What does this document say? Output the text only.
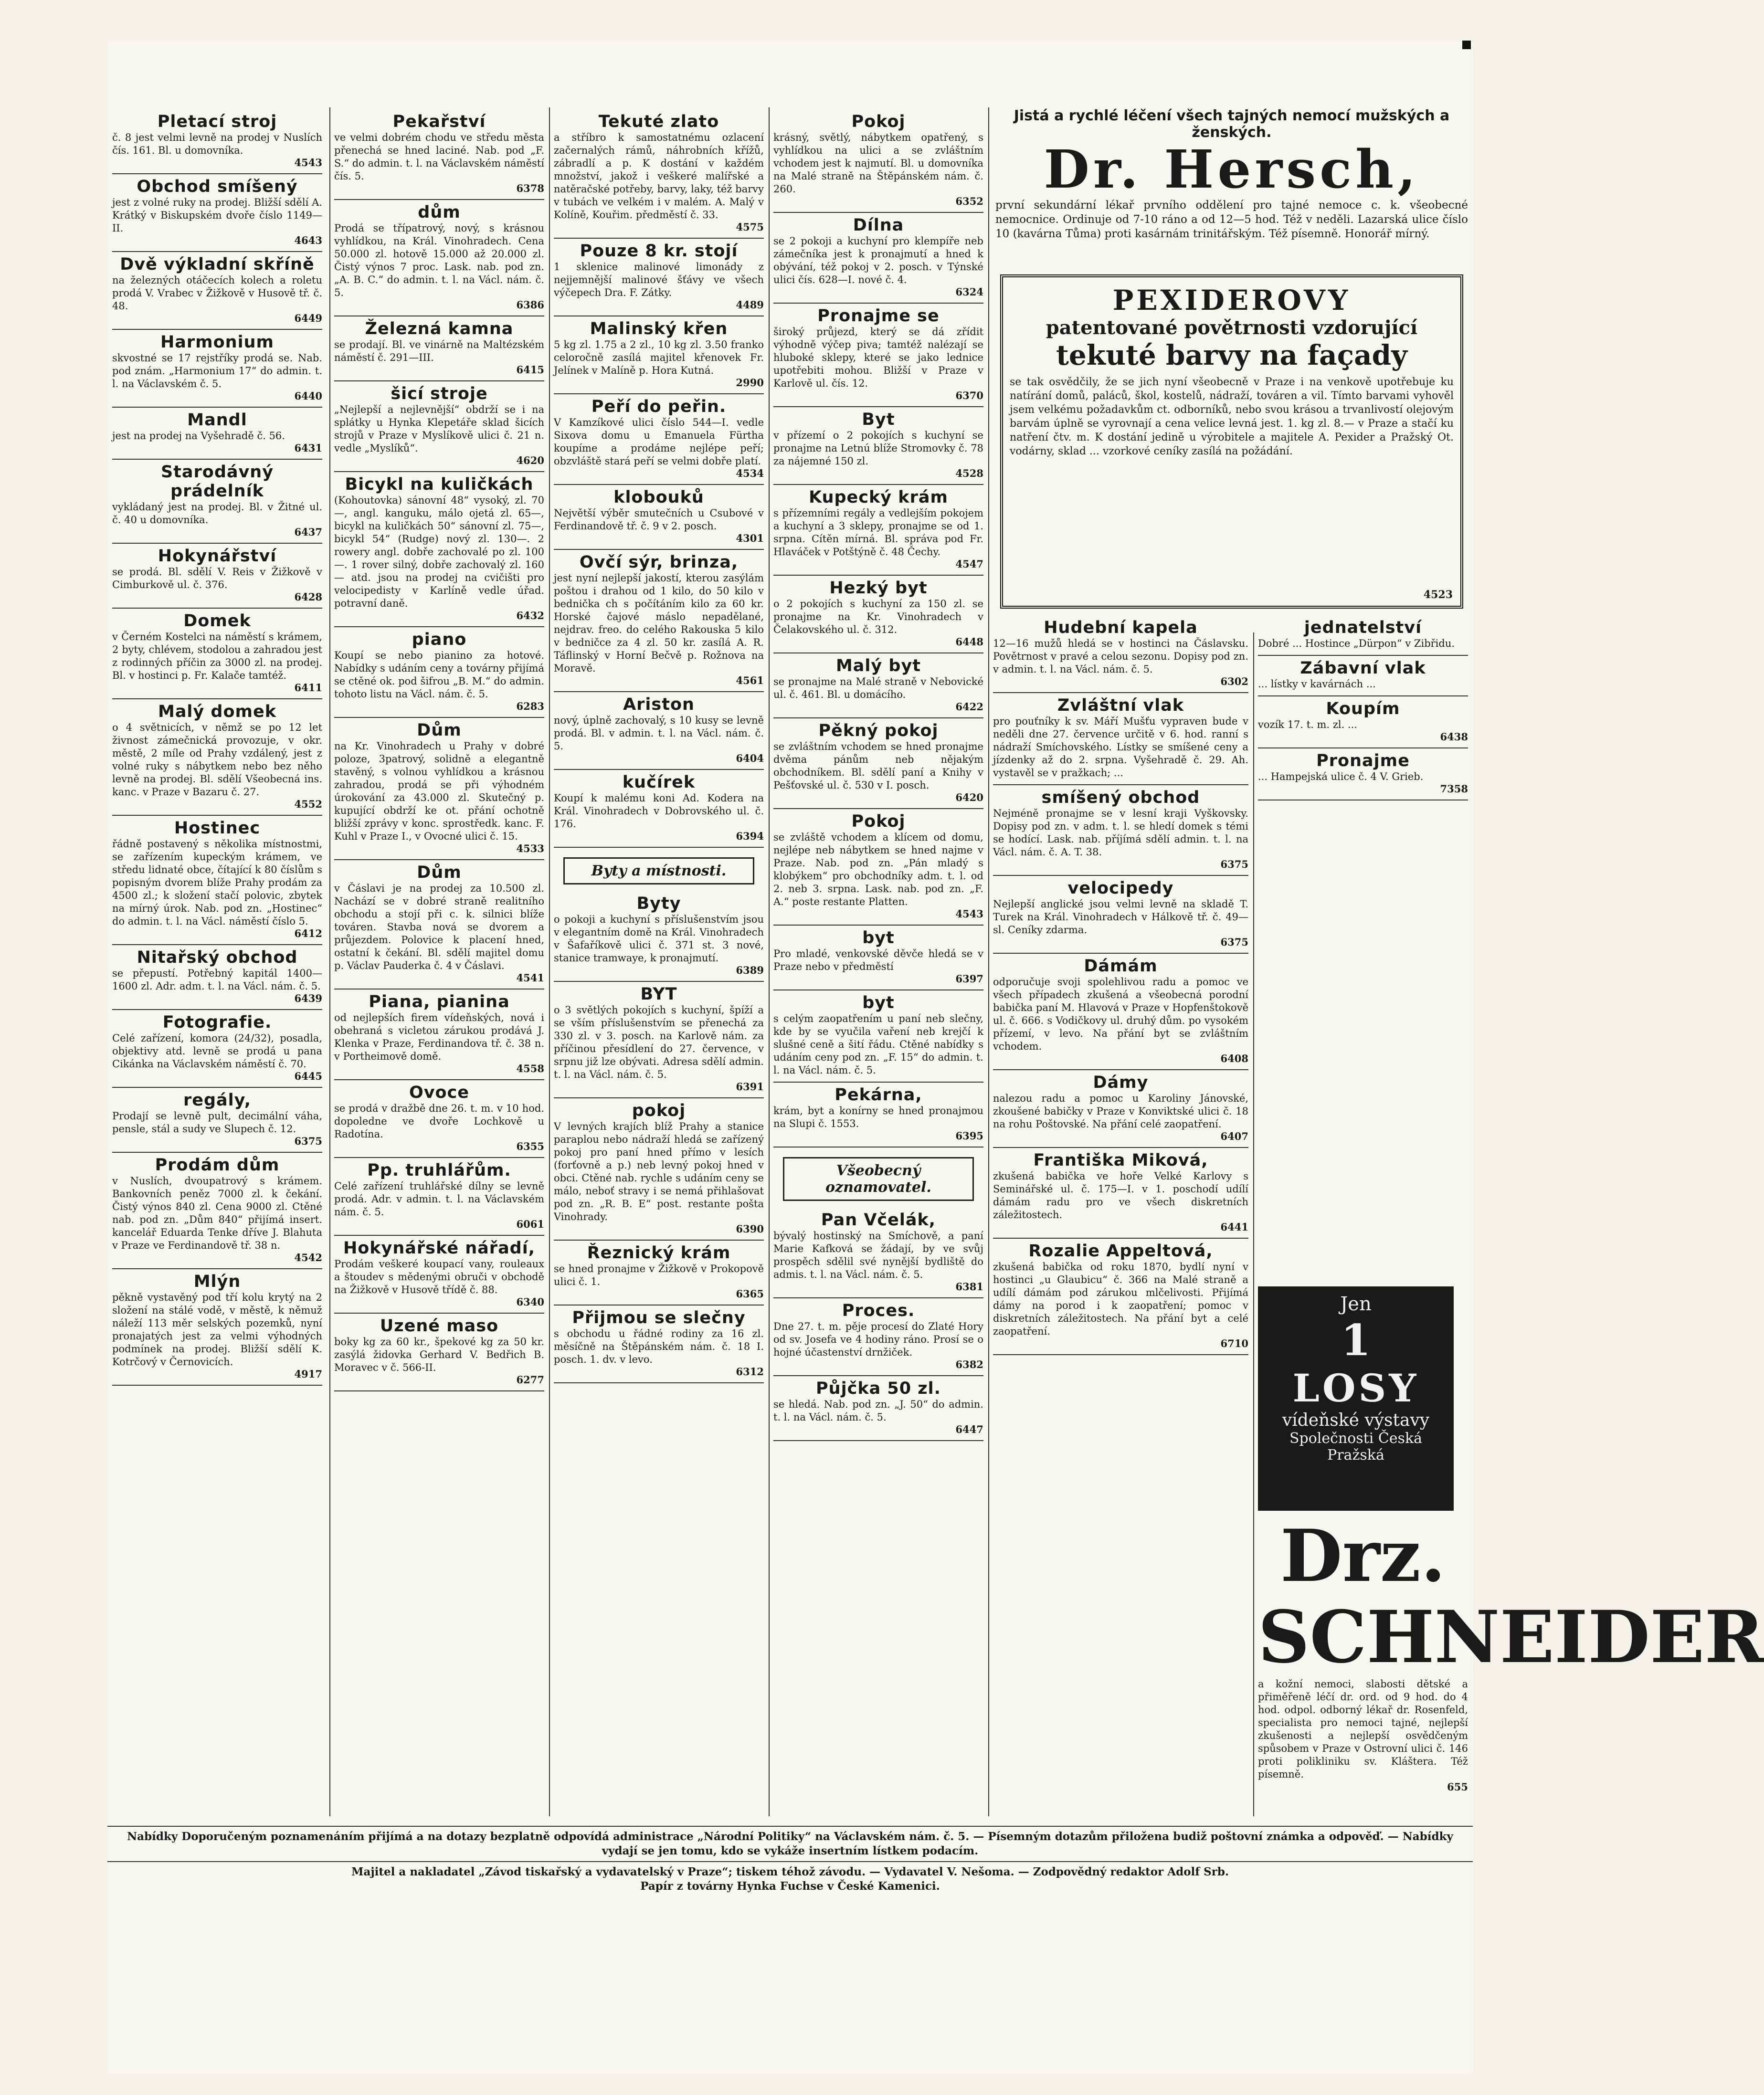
Pletací stroj

č. 8 jest velmi levně na prodej v Nuslích čís. 161. Bl. u domovníka.

4543
Obchod smíšený

jest z volné ruky na prodej. Bližší sdělí A. Krátký v Biskupském dvoře číslo 1149—II.

4643
Dvě výkladní skříně

na železných otáčecích kolech a roletu prodá V. Vrabec v Žižkově v Husově tř. č. 48.

6449
Harmonium

skvostné se 17 rejstříky prodá se. Nab. pod znám. „Harmonium 17“ do admin. t. l. na Václavském č. 5.

6440
Mandl

jest na prodej na Vyšehradě č. 56.

6431
Starodávný prádelník

vykládaný jest na prodej. Bl. v Žitné ul. č. 40 u domovníka.

6437
Hokynářství

se prodá. Bl. sdělí V. Reis v Žižkově v Cimburkově ul. č. 376.

6428
Domek

v Černém Kostelci na náměstí s krámem, 2 byty, chlévem, stodolou a zahradou jest z rodinných příčin za 3000 zl. na prodej. Bl. v hostinci p. Fr. Kalače tamtéž.

6411
Malý domek

o 4 světnicích, v němž se po 12 let živnost zámečnická provozuje, v okr. městě, 2 míle od Prahy vzdálený, jest z volné ruky s nábytkem nebo bez něho levně na prodej. Bl. sdělí Všeobecná ins. kanc. v Praze v Bazaru č. 27.

4552
Hostinec

řádně postavený s několika místnostmi, se zařízením kupeckým krámem, ve středu lidnaté obce, čítající k 80 číslům s popisným dvorem blíže Prahy prodám za 4500 zl.; k složení stačí polovic, zbytek na mírný úrok. Nab. pod zn. „Hostinec“ do admin. t. l. na Václ. náměstí číslo 5.

6412
Nitařský obchod

se přepustí. Potřebný kapitál 1400—1600 zl. Adr. adm. t. l. na Václ. nám. č. 5.

6439
Fotografie.

Celé zařízení, komora (24/32), posadla, objektivy atd. levně se prodá u pana Cikánka na Václavském náměstí č. 70.

6445
regály,

Prodají se levně pult, decimální váha, pensle, stál a sudy ve Slupech č. 12.

6375
Prodám dům

v Nuslích, dvoupatrový s krámem. Bankovních peněz 7000 zl. k čekání. Čistý výnos 840 zl. Cena 9000 zl. Ctěné nab. pod zn. „Dům 840“ přijímá insert. kancelář Eduarda Tenke dříve J. Blahuta v Praze ve Ferdinandově tř. 38 n.

4542
Mlýn

pěkně vystavěný pod tří kolu krytý na 2 složení na stálé vodě, v městě, k němuž náleží 113 měr selských pozemků, nyní pronajatých jest za velmi výhodných podmínek na prodej. Bližší sdělí K. Kotrčový v Černovicích.

4917
Pekařství

ve velmi dobrém chodu ve středu města přenechá se hned laciné. Nab. pod „F. S.“ do admin. t. l. na Václavském náměstí čís. 5.

6378
dům

Prodá se třípatrový, nový, s krásnou vyhlídkou, na Král. Vinohradech. Cena 50.000 zl. hotově 15.000 až 20.000 zl. Čistý výnos 7 proc. Lask. nab. pod zn. „A. B. C.“ do admin. t. l. na Václ. nám. č. 5.

6386
Železná kamna

se prodají. Bl. ve vinárně na Maltézském náměstí č. 291—III.

6415
šicí stroje

„Nejlepší a nejlevnější“ obdrží se i na splátky u Hynka Klepetáře sklad šicích strojů v Praze v Myslíkově ulici č. 21 n. vedle „Myslíků“.

4620
Bicykl na kuličkách

(Kohoutovka) sánovní 48“ vysoký, zl. 70—, angl. kanguku, málo ojetá zl. 65—, bicykl na kuličkách 50“ sánovní zl. 75—, bicykl 54“ (Rudge) nový zl. 130—. 2 rowery angl. dobře zachovalé po zl. 100—. 1 rover silný, dobře zachovalý zl. 160— atd. jsou na prodej na cvičišti pro velocipedisty v Karlíně vedle úřad. potravní daně.

6432
piano

Koupí se nebo pianino za hotové. Nabídky s udáním ceny a továrny přijímá se ctěné ok. pod šifrou „B. M.“ do admin. tohoto listu na Václ. nám. č. 5.

6283
Dům

na Kr. Vinohradech u Prahy v dobré poloze, 3patrový, solidně a elegantně stavěný, s volnou vyhlídkou a krásnou zahradou, prodá se při výhodném úrokování za 43.000 zl. Skutečný p. kupující obdrží ke ot. přání ochotně bližší zprávy v konc. sprostředk. kanc. F. Kuhl v Praze I., v Ovocné ulici č. 15.

4533
Dům

v Čáslavi je na prodej za 10.500 zl. Nachází se v dobré straně realitního obchodu a stojí při c. k. silnici blíže továren. Stavba nová se dvorem a průjezdem. Polovice k placení hned, ostatní k čekání. Bl. sdělí majitel domu p. Václav Pauderka č. 4 v Čáslavi.

4541
Piana, pianina

od nejlepších firem vídeňských, nová i obehraná s vicletou zárukou prodává J. Klenka v Praze, Ferdinandova tř. č. 38 n. v Portheimově domě.

4558
Ovoce

se prodá v dražbě dne 26. t. m. v 10 hod. dopoledne ve dvoře Lochkově u Radotína.

6355
Pp. truhlářům.

Celé zařízení truhlářské dílny se levně prodá. Adr. v admin. t. l. na Václavském nám. č. 5.

6061
Hokynářské nářadí,

Prodám veškeré koupací vany, rouleaux a štoudev s mědenými obruči v obchodě na Žižkově v Husově třídě č. 88.

6340
Uzené maso

boky kg za 60 kr., špekové kg za 50 kr. zasýlá židovka Gerhard V. Bedřich B. Moravec v č. 566-II.

6277
Tekuté zlato

a stříbro k samostatnému ozlacení začernalých rámů, náhrobních křížů, zábradlí a p. K dostání v každém množství, jakož i veškeré malířské a natěračské potřeby, barvy, laky, též barvy v tubách ve velkém i v malém. A. Malý v Kolíně, Kouřim. předměstí č. 33.

4575
Pouze 8 kr. stojí

1 sklenice malinové limonády z nejjemnější malinové šťávy ve všech výčepech Dra. F. Zátky.

4489
Malinský křen

5 kg zl. 1.75 a 2 zl., 10 kg zl. 3.50 franko celoročně zasílá majitel křenovek Fr. Jelínek v Malíně p. Hora Kutná.

2990
Peří do peřin.

V Kamzíkové ulici číslo 544—I. vedle Sixova domu u Emanuela Fürtha koupíme a prodáme nejlépe peří; obzvláště stará peří se velmi dobře platí.

4534
klobouků

Největší výběr smutečních u Csubové v Ferdinandově tř. č. 9 v 2. posch.

4301
Ovčí sýr, brinza,

jest nyní nejlepší jakostí, kterou zasýlám poštou i drahou od 1 kilo, do 50 kilo v bednička ch s počítáním kilo za 60 kr. Horské čajové máslo nepadělané, nejdrav. freo. do celého Rakouska 5 kilo v bedničce za 4 zl. 50 kr. zasílá A. R. Táflinský v Horní Bečvě p. Rožnova na Moravě.

4561
Ariston

nový, úplně zachovalý, s 10 kusy se levně prodá. Bl. v admin. t. l. na Václ. nám. č. 5.

6404
kučírek

Koupí k malému koni Ad. Kodera na Král. Vinohradech v Dobrovského ul. č. 176.

6394
Byty a místnosti.
Byty

o pokoji a kuchyní s příslušenstvím jsou v elegantním domě na Král. Vinohradech v Šafaříkově ulici č. 371 st. 3 nové, stanice tramwaye, k pronajmutí.

6389
BYT

o 3 světlých pokojích s kuchyní, špíží a se vším příslušenstvím se přenechá za 330 zl. v 3. posch. na Karlově nám. za příčinou přesídlení do 27. července, v srpnu již lze obývati. Adresa sdělí admin. t. l. na Václ. nám. č. 5.

6391
pokoj

V levných krajích blíž Prahy a stanice paraplou nebo nádraží hledá se zařízený pokoj pro paní hned přímo v lesích (forťovně a p.) neb levný pokoj hned v obci. Ctěné nab. rychle s udáním ceny se málo, neboť stravy i se nemá přihlašovat pod zn. „R. B. E“ post. restante pošta Vinohrady.

6390
Řeznický krám

se hned pronajme v Žižkově v Prokopově ulici č. 1.

6365
Přijmou se slečny

s obchodu u řádné rodiny za 16 zl. měsíčně na Štěpánském nám. č. 18 I. posch. 1. dv. v levo.

6312
Pokoj

krásný, světlý, nábytkem opatřený, s vyhlídkou na ulici a se zvláštním vchodem jest k najmutí. Bl. u domovníka na Malé straně na Štěpánském nám. č. 260.

6352
Dílna

se 2 pokoji a kuchyní pro klempíře neb zámečníka jest k pronajmutí a hned k obývání, též pokoj v 2. posch. v Týnské ulici čís. 628—I. nové č. 4.

6324
Pronajme se

široký průjezd, který se dá zřídit výhodně výčep piva; tamtéž nalézají se hluboké sklepy, které se jako lednice upotřebiti mohou. Bližší v Praze v Karlově ul. čís. 12.

6370
Byt

v přízemí o 2 pokojích s kuchyní se pronajme na Letnú blíže Stromovky č. 78 za nájemné 150 zl.

4528
Kupecký krám

s přízemními regály a vedlejším pokojem a kuchyní a 3 sklepy, pronajme se od 1. srpna. Cítěn mírná. Bl. správa pod Fr. Hlaváček v Potštýně č. 48 Čechy.

4547
Hezký byt

o 2 pokojích s kuchyní za 150 zl. se pronajme na Kr. Vinohradech v Čelakovského ul. č. 312.

6448
Malý byt

se pronajme na Malé straně v Nebovické ul. č. 461. Bl. u domácího.

6422
Pěkný pokoj

se zvláštním vchodem se hned pronajme dvěma pánům neb nějakým obchodníkem. Bl. sdělí paní a Knihy v Pešťovské ul. č. 530 v I. posch.

6420
Pokoj

se zvláště vchodem a klícem od domu, nejlépe neb nábytkem se hned najme v Praze. Nab. pod zn. „Pán mladý s klobýkem“ pro obchodníky adm. t. l. od 2. neb 3. srpna. Lask. nab. pod zn. „F. A.“ poste restante Platten.

4543
byt

Pro mladé, venkovské děvče hledá se v Praze nebo v předměstí

6397
byt

s celým zaopatřením u paní neb slečny, kde by se vyučila vaření neb krejčí k slušné ceně a šití řádu. Ctěné nabídky s udáním ceny pod zn. „F. 15“ do admin. t. l. na Václ. nám. č. 5.

Pekárna,

krám, byt a konírny se hned pronajmou na Slupi č. 1553.

6395
Všeobecný oznamovatel.
Pan Včelák,

bývalý hostinský na Smíchově, a paní Marie Kafková se žádají, by ve svůj prospěch sdělil své nynější bydliště do admis. t. l. na Václ. nám. č. 5.

6381
Proces.

Dne 27. t. m. pěje procesí do Zlaté Hory od sv. Josefa ve 4 hodiny ráno. Prosí se o hojné účastenství drnžiček.

6382
Půjčka 50 zl.

se hledá. Nab. pod zn. „J. 50“ do admin. t. l. na Václ. nám. č. 5.

6447
Jistá a rychlé léčení všech tajných nemocí mužských a ženských.
Dr. Hersch,

první sekundární lékař prvního oddělení pro tajné nemoce c. k. všeobecné nemocnice. Ordinuje od 7-10 ráno a od 12—5 hod. Též v neděli. Lazarská ulice číslo 10 (kavárna Tůma) proti kasárnám trinitářským. Též písemně. Honorář mírný.

PEXIDEROVY
patentované povětrnosti vzdorující
tekuté barvy na façady

se tak osvědčily, že se jich nyní všeobecně v Praze i na venkově upotřebuje ku natírání domů, paláců, škol, kostelů, nádraží, továren a vil. Tímto barvami vyhověl jsem velkému požadavkům ct. odborníků, nebo svou krásou a trvanlivostí olejovým barvám úplně se vyrovnají a cena velice levná jest. 1. kg zl. 8.— v Praze a stačí ku natření čtv. m. K dostání jedině u výrobitele a majitele A. Pexider a Pražský Ot. vodárny, sklad ... vzorkové ceníky zasílá na požádání.

4523
Hudební kapela

12—16 mužů hledá se v hostinci na Čáslavsku. Povětrnost v pravé a celou sezonu. Dopisy pod zn. v admin. t. l. na Václ. nám. č. 5.

6302
Zvláštní vlak

pro pouťníky k sv. Máří Mušťu vypraven bude v neděli dne 27. července určitě v 6. hod. ranní s nádraží Smíchovského. Lístky se smíšené ceny a jízdenky až do 2. srpna. Vyšehradě č. 29. Ah. vystavěl se v pražkach; ...

smíšený obchod

Nejméně pronajme se v lesní kraji Vyškovsky. Dopisy pod zn. v adm. t. l. se hledí domek s témi se hodící. Lask. nab. příjímá sdělí admin. t. l. na Václ. nám. č. A. T. 38.

6375
velocipedy

Nejlepší anglické jsou velmi levně na skladě T. Turek na Král. Vinohradech v Hálkově tř. č. 49—sl. Ceníky zdarma.

6375
Dámám

odporučuje svoji spolehlivou radu a pomoc ve všech případech zkušená a všeobecná porodní babička paní M. Hlavová v Praze v Hopfenštokově ul. č. 666. s Vodičkovy ul. druhý dům. po vysokém přízemí, v levo. Na přání byt se zvláštním vchodem.

6408
Dámy

nalezou radu a pomoc u Karoliny Jánovské, zkoušené babičky v Praze v Konviktské ulici č. 18 na rohu Poštovské. Na přání celé zaopatření.

6407
Františka Miková,

zkušená babička ve hoře Velké Karlovy s Seminářské ul. č. 175—I. v 1. poschodí udílí dámám radu pro ve všech diskretních záležitostech.

6441
Rozalie Appeltová,

zkušená babička od roku 1870, bydlí nyní v hostinci „u Glaubicu“ č. 366 na Malé straně a udílí dámám pod zárukou mlčelivosti. Přijímá dámy na porod i k zaopatření; pomoc v diskretních záležitostech. Na přání byt a celé zaopatření.

6710
jednatelství

Dobré ... Hostince „Dürpon“ v Zibřidu.

Zábavní vlak

... lístky v kavárnách ...

Koupím

vozík 17. t. m. zl. ...

6438
Pronajme

... Hampejská ulice č. 4 V. Grieb.

7358
Jen
1
LOSY
vídeňské výstavy
Společnosti Česká
Pražská
Drz. SCHNEIDER

a kožní nemoci, slabosti dětské a přiměřeně léčí dr. ord. od 9 hod. do 4 hod. odpol. odborný lékař dr. Rosenfeld, specialista pro nemoci tajné, nejlepší zkušenosti a nejlepší osvědčeným spůsobem v Praze v Ostrovní ulici č. 146 proti polikliniku sv. Kláštera. Též písemně.

655

Nabídky Doporučeným poznamenáním přijímá a na dotazy bezplatně odpovídá administrace „Národní Politiky“ na Václavském nám. č. 5. — Písemným dotazům přiložena budiž poštovní známka a odpověď. — Nabídky vydají se jen tomu, kdo se vykáže insertním lístkem podacím.

Majitel a nakladatel „Závod tiskařský a vydavatelský v Praze“; tiskem téhož závodu. — Vydavatel V. Nešoma. — Zodpovědný redaktor Adolf Srb.

Papír z továrny Hynka Fuchse v České Kamenici.
